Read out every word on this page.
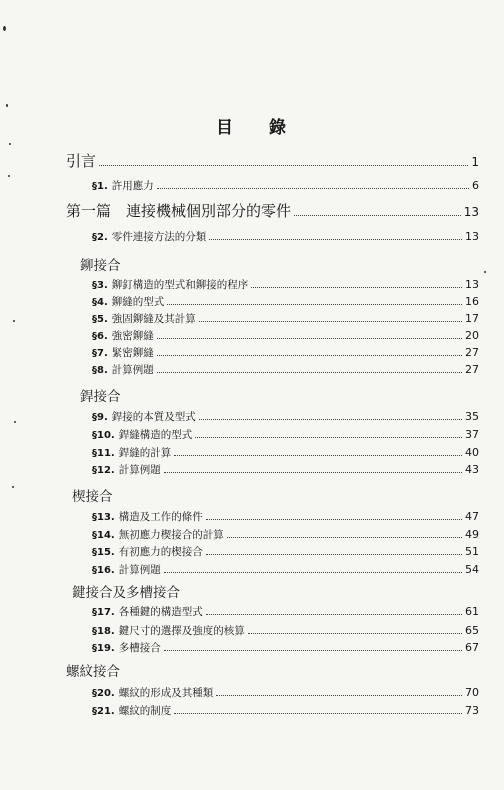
目 錄
引言	1
§1. 許用應力	6
第一篇　連接機械個別部分的零件	13
§2. 零件連接方法的分類	13
鉚接合
§3. 鉚釘構造的型式和鉚接的程序	13
§4. 鉚縫的型式	16
§5. 強固鉚縫及其計算	17
§6. 強密鉚縫	20
§7. 緊密鉚縫	27
§8. 計算例題	27
銲接合
§9. 銲接的本質及型式	35
§10. 銲縫構造的型式	37
§11. 銲縫的計算	40
§12. 計算例題	43
楔接合
§13. 構造及工作的條件	47
§14. 無初應力楔接合的計算	49
§15. 有初應力的楔接合	51
§16. 計算例題	54
鍵接合及多槽接合
§17. 各種鍵的構造型式	61
§18. 鍵尺寸的選擇及強度的核算	65
§19. 多槽接合	67
螺紋接合
§20. 螺紋的形成及其種類	70
§21. 螺紋的制度	73
